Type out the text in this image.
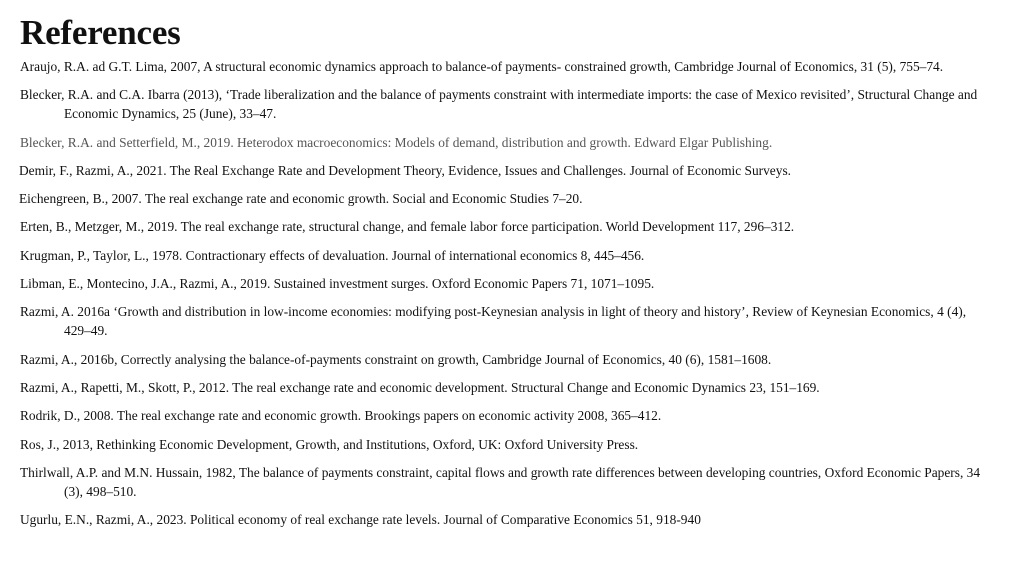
References
Araujo, R.A. ad G.T. Lima, 2007, A structural economic dynamics approach to balance-of payments- constrained growth, Cambridge Journal of Economics, 31 (5), 755–74.
Blecker, R.A. and C.A. Ibarra (2013), ‘Trade liberalization and the balance of payments constraint with intermediate imports: the case of Mexico revisited’, Structural Change and Economic Dynamics, 25 (June), 33–47.
Blecker, R.A. and Setterfield, M., 2019. Heterodox macroeconomics: Models of demand, distribution and growth. Edward Elgar Publishing.
Demir, F., Razmi, A., 2021. The Real Exchange Rate and Development Theory, Evidence, Issues and Challenges. Journal of Economic Surveys.
Eichengreen, B., 2007. The real exchange rate and economic growth. Social and Economic Studies 7–20.
Erten, B., Metzger, M., 2019. The real exchange rate, structural change, and female labor force participation. World Development 117, 296–312.
Krugman, P., Taylor, L., 1978. Contractionary effects of devaluation. Journal of international economics 8, 445–456.
Libman, E., Montecino, J.A., Razmi, A., 2019. Sustained investment surges. Oxford Economic Papers 71, 1071–1095.
Razmi, A. 2016a ‘Growth and distribution in low-income economies: modifying post-Keynesian analysis in light of theory and history’, Review of Keynesian Economics, 4 (4), 429–49.
Razmi, A., 2016b, Correctly analysing the balance-of-payments constraint on growth, Cambridge Journal of Economics, 40 (6), 1581–1608.
Razmi, A., Rapetti, M., Skott, P., 2012. The real exchange rate and economic development. Structural Change and Economic Dynamics 23, 151–169.
Rodrik, D., 2008. The real exchange rate and economic growth. Brookings papers on economic activity 2008, 365–412.
Ros, J., 2013, Rethinking Economic Development, Growth, and Institutions, Oxford, UK: Oxford University Press.
Thirlwall, A.P. and M.N. Hussain, 1982, The balance of payments constraint, capital flows and growth rate differences between developing countries, Oxford Economic Papers, 34 (3), 498–510.
Ugurlu, E.N., Razmi, A., 2023. Political economy of real exchange rate levels. Journal of Comparative Economics 51, 918-940
